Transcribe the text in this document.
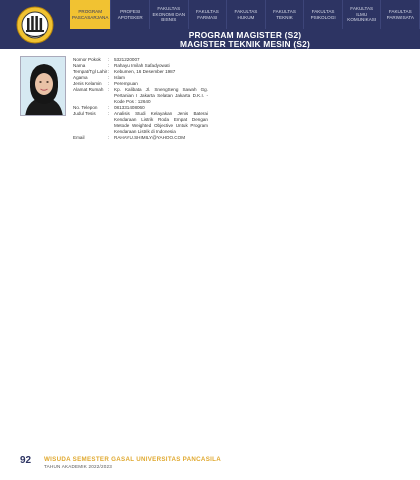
PROGRAM PASCASARJANA
PROFESI APOTEKER
FAKULTAS EKONOMI DAN BISNIS
FAKULTAS FARMASI
FAKULTAS HUKUM
FAKULTAS TEKNIK
FAKULTAS PSIKOLOGI
FAKULTAS ILMU KOMUNIKASI
FAKULTAS PARIWISATA
PROGRAM MAGISTER (S2)
MAGISTER TEKNIK MESIN (S2)
Nomor Pokok	:	5321220007
Nama	:	Rahayu Imilah Safadyowati
Tempat/Tgl Lahir :	Kebumen, 16 Desember 1987
Agama	:	Islam
Jenis Kelamin	:	Perempuan
Alamat Rumah	:	Kp. Kalibata Jl. SnengSeng Sawah Gg. Pertanian I Jakarta Selatan Jakarta D.K.I. - Kode Pos : 12640
No. Telepon	:	081331408060
Judul Tesis	:	Analisis Studi Kelayakan Jenis Baterai Kendaraan Listrik Roda Empat Dengan Metode Weighted Objective Untuk Program Kendaraan Listrik di Indonesia
Email	:	RAHAYU.SHIMILY@YAHOO.COM
92 WISUDA SEMESTER GASAL UNIVERSITAS PANCASILA
TAHUN AKADEMIK 2022/2023
